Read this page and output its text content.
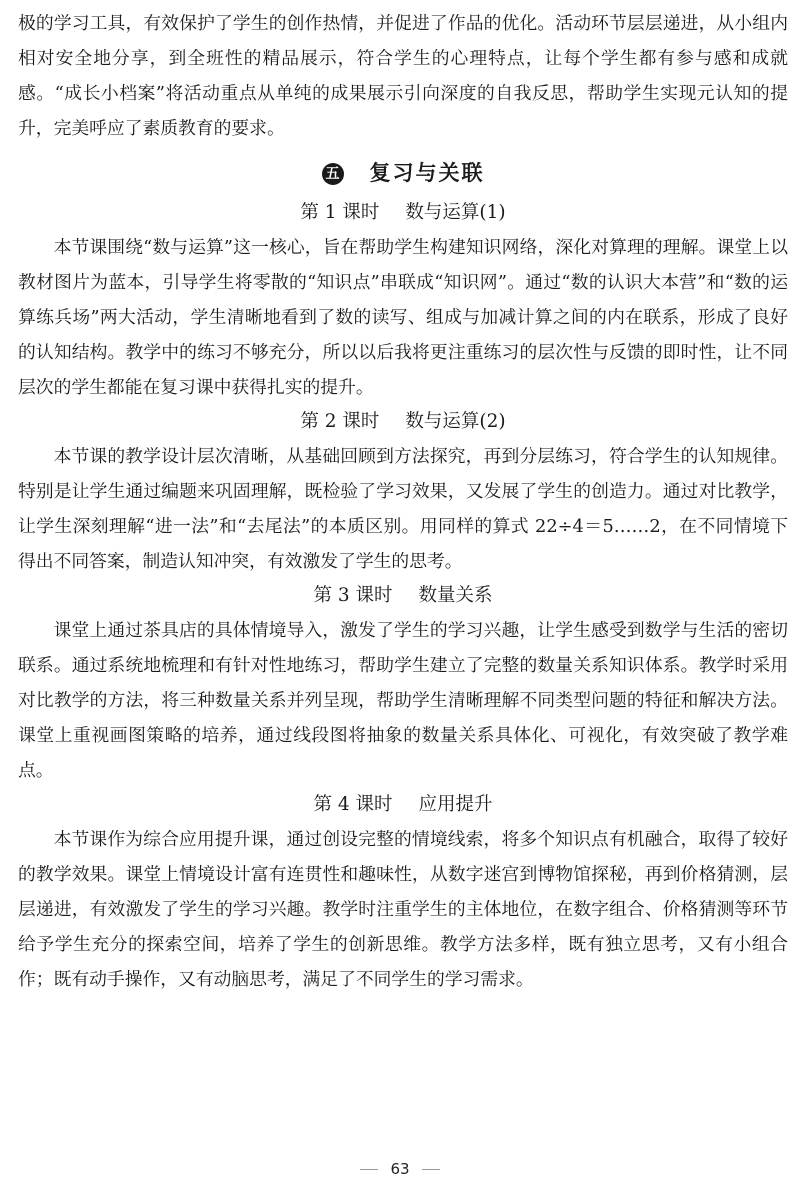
极的学习工具，有效保护了学生的创作热情，并促进了作品的优化。活动环节层层递进，从小组内相对安全地分享，到全班性的精品展示，符合学生的心理特点，让每个学生都有参与感和成就感。“成长小档案”将活动重点从单纯的成果展示引向深度的自我反思，帮助学生实现元认知的提升，完美呼应了素质教育的要求。

五 复习与关联
第 1 课时 数与运算(1)

本节课围绕“数与运算”这一核心，旨在帮助学生构建知识网络，深化对算理的理解。课堂上以教材图片为蓝本，引导学生将零散的“知识点”串联成“知识网”。通过“数的认识大本营”和“数的运算练兵场”两大活动，学生清晰地看到了数的读写、组成与加减计算之间的内在联系，形成了良好的认知结构。教学中的练习不够充分，所以以后我将更注重练习的层次性与反馈的即时性，让不同层次的学生都能在复习课中获得扎实的提升。

第 2 课时 数与运算(2)

本节课的教学设计层次清晰，从基础回顾到方法探究，再到分层练习，符合学生的认知规律。特别是让学生通过编题来巩固理解，既检验了学习效果，又发展了学生的创造力。通过对比教学，让学生深刻理解“进一法”和“去尾法”的本质区别。用同样的算式 22÷4＝5……2，在不同情境下得出不同答案，制造认知冲突，有效激发了学生的思考。

第 3 课时 数量关系

课堂上通过茶具店的具体情境导入，激发了学生的学习兴趣，让学生感受到数学与生活的密切联系。通过系统地梳理和有针对性地练习，帮助学生建立了完整的数量关系知识体系。教学时采用对比教学的方法，将三种数量关系并列呈现，帮助学生清晰理解不同类型问题的特征和解决方法。课堂上重视画图策略的培养，通过线段图将抽象的数量关系具体化、可视化，有效突破了教学难点。

第 4 课时 应用提升

本节课作为综合应用提升课，通过创设完整的情境线索，将多个知识点有机融合，取得了较好的教学效果。课堂上情境设计富有连贯性和趣味性，从数字迷宫到博物馆探秘，再到价格猜测，层层递进，有效激发了学生的学习兴趣。教学时注重学生的主体地位，在数字组合、价格猜测等环节给予学生充分的探索空间，培养了学生的创新思维。教学方法多样，既有独立思考，又有小组合作；既有动手操作，又有动脑思考，满足了不同学生的学习需求。

63
